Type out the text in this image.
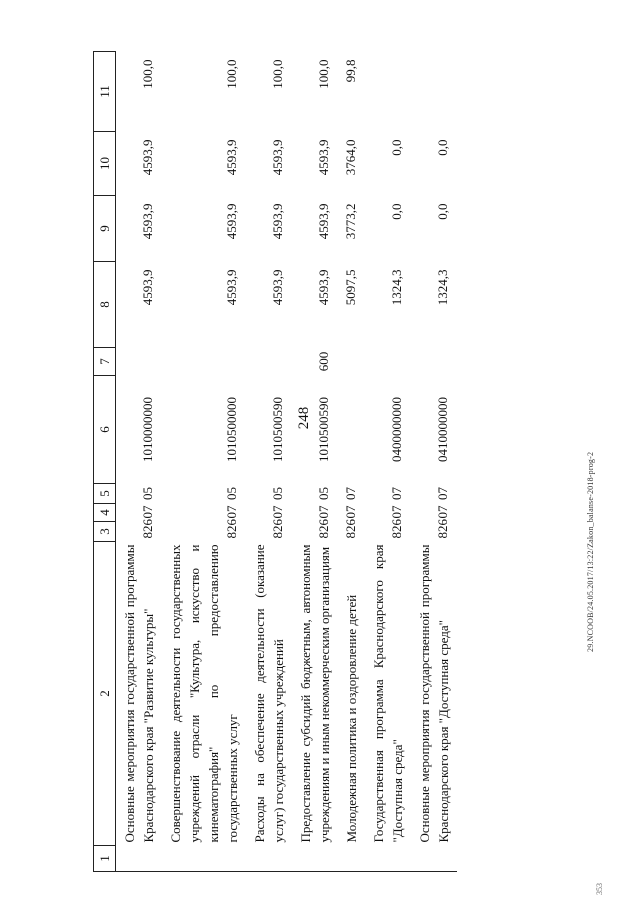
248
1	2	3	4	5	6	7	8	9	10	11
	Основные мероприятия государственной программы Краснодарского края "Развитие культуры"	826	07	05	1010000000		4593,9	4593,9	4593,9	100,0
	Совершенствование деятельности государственных учреждений отрасли "Культура, искусство и кинематография" по предоставлению государственных услуг	826	07	05	1010500000		4593,9	4593,9	4593,9	100,0
	Расходы на обеспечение деятельности (оказание услуг) государственных учреждений	826	07	05	1010500590		4593,9	4593,9	4593,9	100,0
	Предоставление субсидий бюджетным, автономным учреждениям и иным некоммерческим организациям	826	07	05	1010500590	600	4593,9	4593,9	4593,9	100,0
	Молодежная политика и оздоровление детей	826	07	07			5097,5	3773,2	3764,0	99,8
	Государственная программа Краснодарского края "Доступная среда"	826	07	07	0400000000		1324,3	0,0	0,0	
	Основные мероприятия государственной программы Краснодарского края "Доступная среда"	826	07	07	0410000000		1324,3	0,0	0,0	
29.NCOOB/24.05.2017/13:22/Zakon_balanse-2018-prog-2
353
